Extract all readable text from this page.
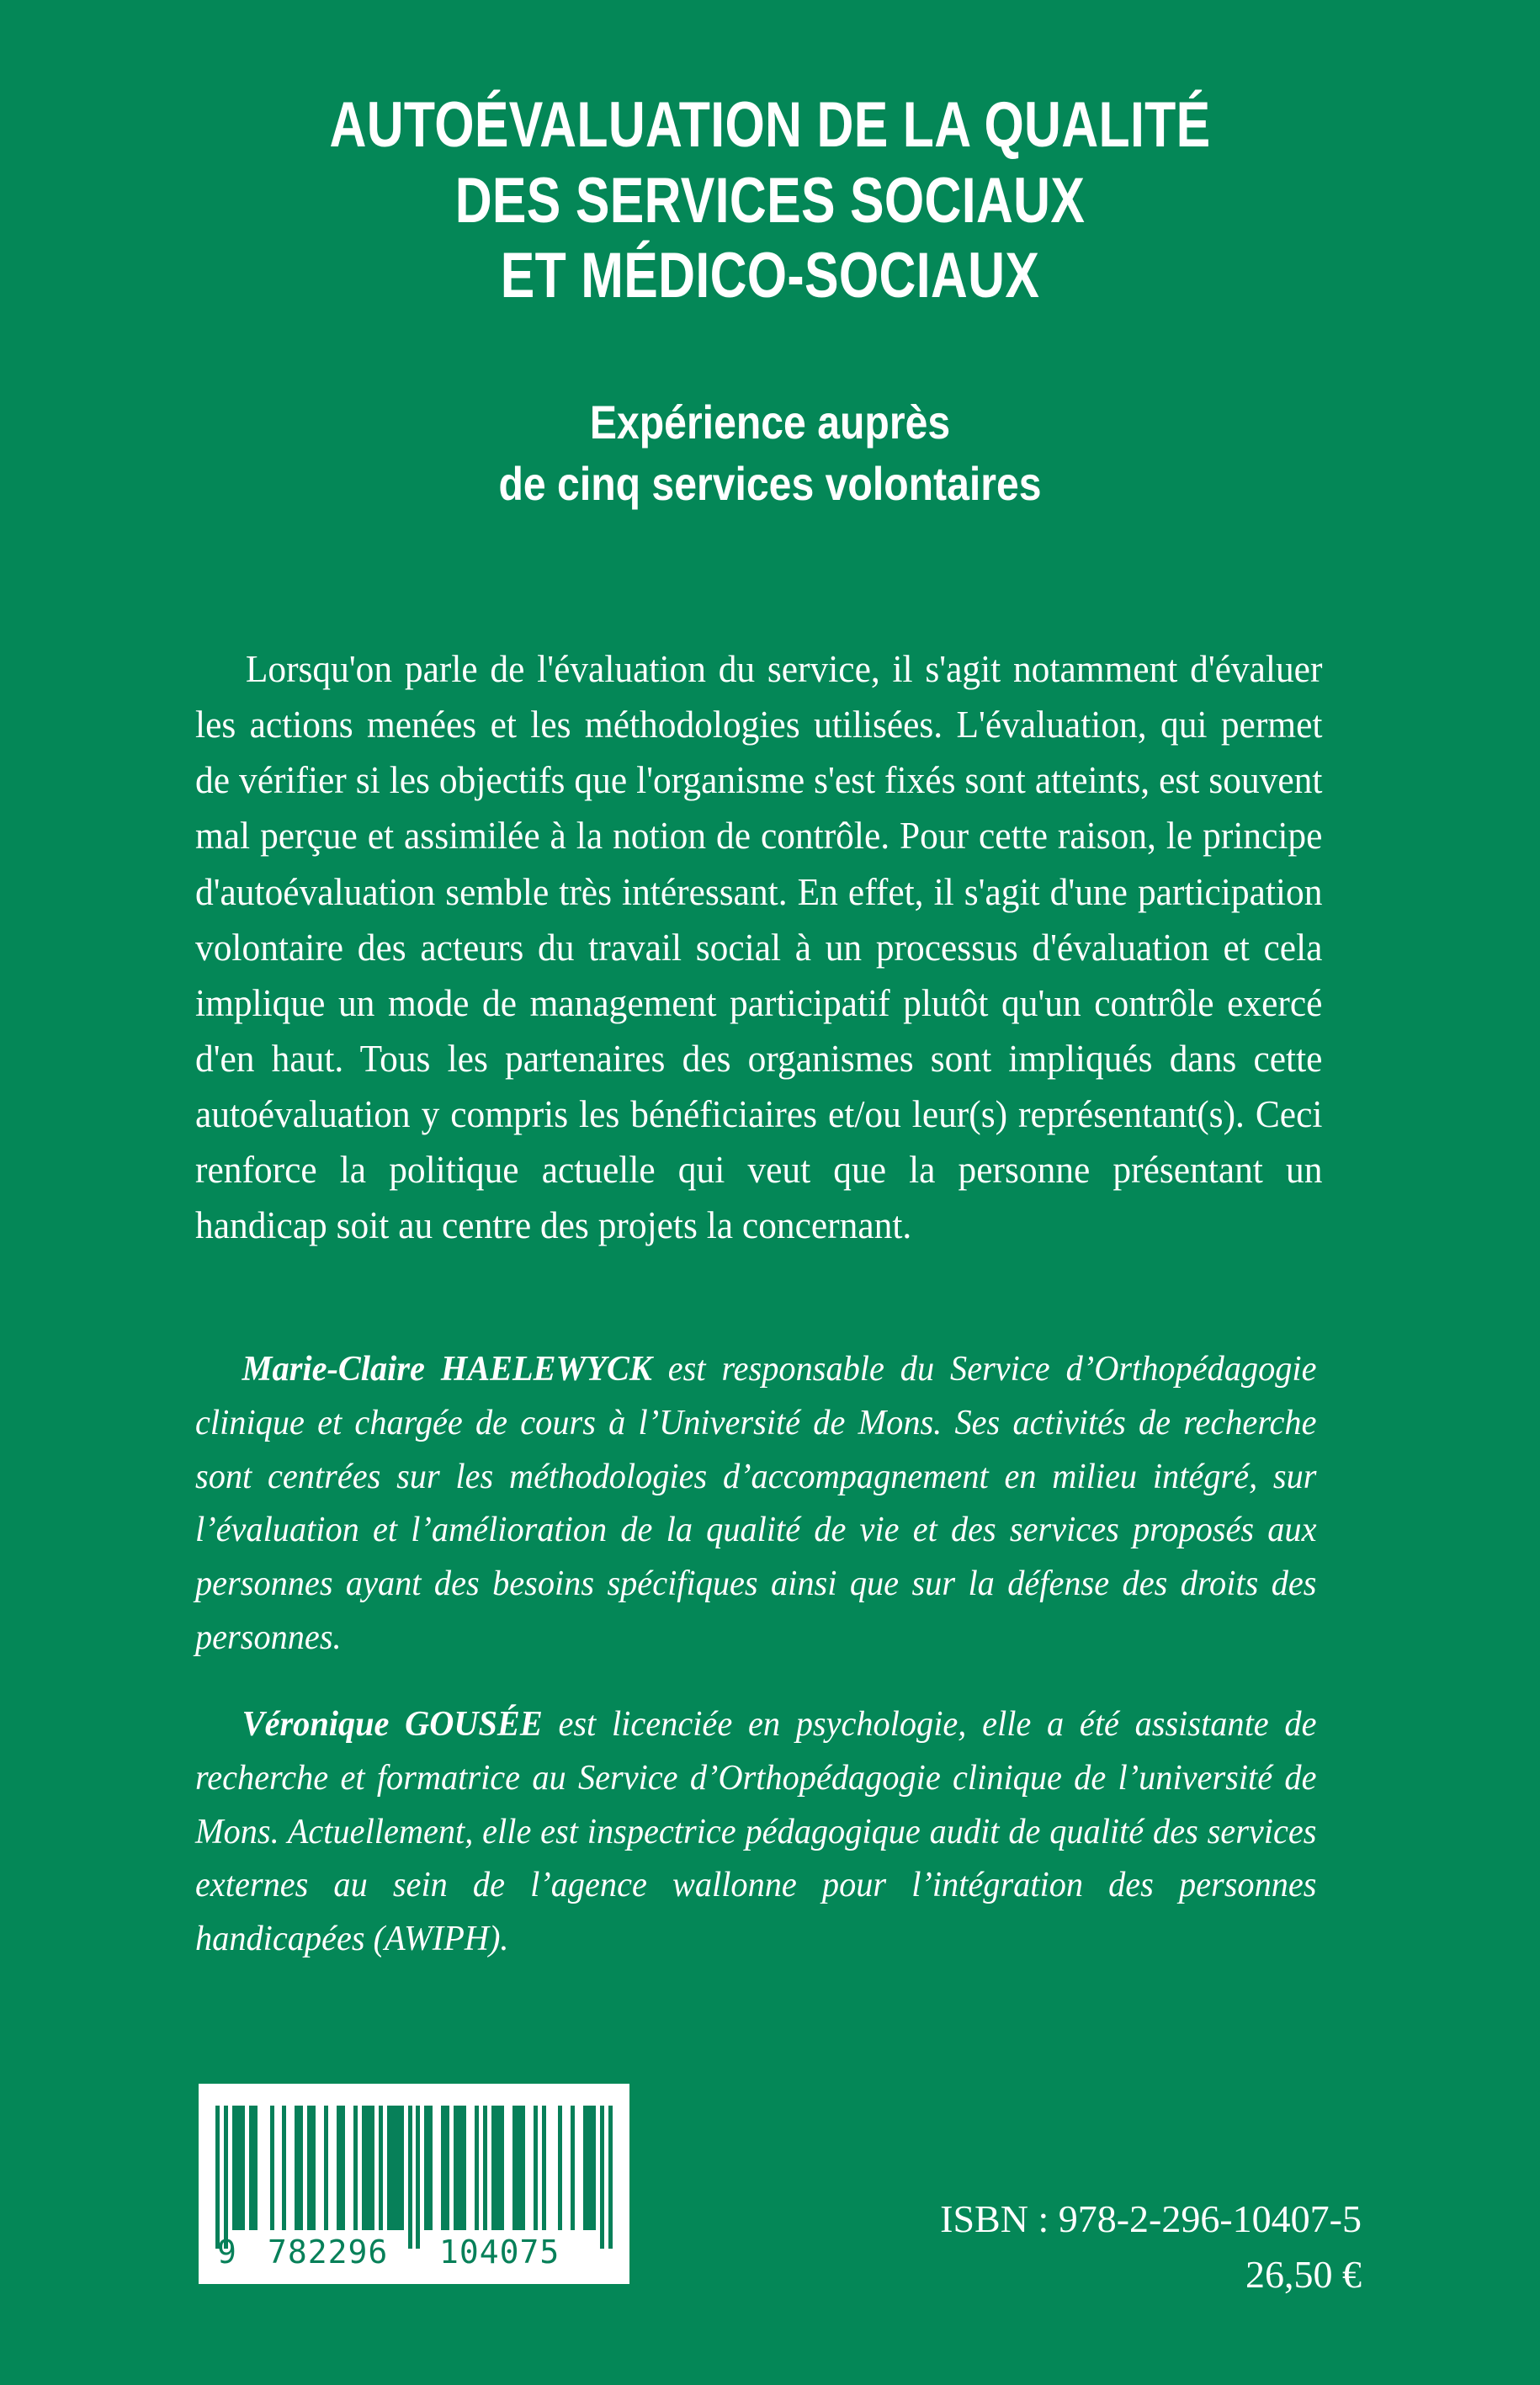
AUTOÉVALUATION DE LA QUALITÉ
DES SERVICES SOCIAUX
ET MÉDICO-SOCIAUX
Expérience auprès
de cinq services volontaires
Lorsqu'on parle de l'évaluation du service, il s'agit notamment d'évaluer les actions menées et les méthodologies utilisées. L'évaluation, qui permet de vérifier si les objectifs que l'organisme s'est fixés sont atteints, est souvent mal perçue et assimilée à la notion de contrôle. Pour cette raison, le principe d'autoévaluation semble très intéressant. En effet, il s'agit d'une participation volontaire des acteurs du travail social à un processus d'évaluation et cela implique un mode de management participatif plutôt qu'un contrôle exercé d'en haut. Tous les partenaires des organismes sont impliqués dans cette autoévaluation y compris les bénéficiaires et/ou leur(s) représentant(s). Ceci renforce la politique actuelle qui veut que la personne présentant un handicap soit au centre des projets la concernant.
Marie-Claire HAELEWYCK est responsable du Service d’Orthopédagogie clinique et chargée de cours à l’Université de Mons. Ses activités de recherche sont centrées sur les méthodologies d’accompagnement en milieu intégré, sur l’évaluation et l’amélioration de la qualité de vie et des services proposés aux personnes ayant des besoins spécifiques ainsi que sur la défense des droits des personnes.
Véronique GOUSÉE est licenciée en psychologie, elle a été assistante de recherche et formatrice au Service d’Orthopédagogie clinique de l’université de Mons. Actuellement, elle est inspectrice pédagogique audit de qualité des services externes au sein de l’agence wallonne pour l’intégration des personnes handicapées (AWIPH).
9 782296 104075
ISBN : 978-2-296-10407-5
26,50 €
